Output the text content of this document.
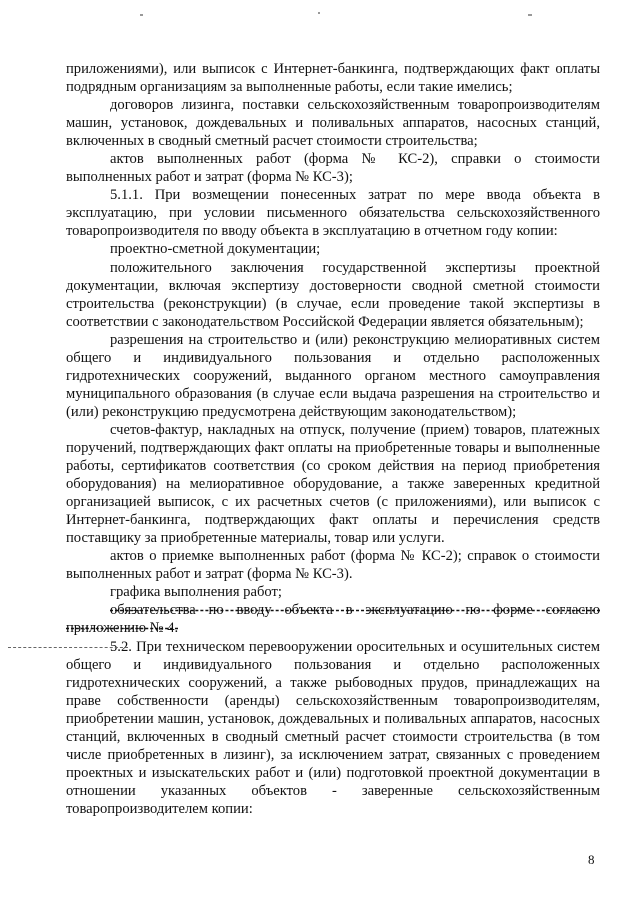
приложениями), или выписок с Интернет-банкинга, подтверждающих факт оплаты подрядным организациям за выполненные работы, если такие имелись;

договоров лизинга, поставки сельскохозяйственным товаропроизводителям машин, установок, дождевальных и поливальных аппаратов, насосных станций, включенных в сводный сметный расчет стоимости строительства;

актов выполненных работ (форма № КС-2), справки о стоимости выполненных работ и затрат (форма № КС-3);

5.1.1. При возмещении понесенных затрат по мере ввода объекта в эксплуатацию, при условии письменного обязательства сельскохозяйственного товаропроизводителя по вводу объекта в эксплуатацию в отчетном году копии:

проектно-сметной документации;

положительного заключения государственной экспертизы проектной документации, включая экспертизу достоверности сводной сметной стоимости строительства (реконструкции) (в случае, если проведение такой экспертизы в соответствии с законодательством Российской Федерации является обязательным);

разрешения на строительство и (или) реконструкцию мелиоративных систем общего и индивидуального пользования и отдельно расположенных гидротехнических сооружений, выданного органом местного самоуправления муниципального образования (в случае если выдача разрешения на строительство и (или) реконструкцию предусмотрена действующим законодательством);

счетов-фактур, накладных на отпуск, получение (прием) товаров, платежных поручений, подтверждающих факт оплаты на приобретенные товары и выполненные работы, сертификатов соответствия (со сроком действия на период приобретения оборудования) на мелиоративное оборудование, а также заверенных кредитной организацией выписок, с их расчетных счетов (с приложениями), или выписок с Интернет-банкинга, подтверждающих факт оплаты и перечисления средств поставщику за приобретенные материалы, товар или услуги.

актов о приемке выполненных работ (форма № КС-2); справок о стоимости выполненных работ и затрат (форма № КС-3).

графика выполнения работ;

обязательства по вводу объекта в эксплуатацию по форме согласно приложению № 4.

5.2. При техническом перевооружении оросительных и осушительных систем общего и индивидуального пользования и отдельно расположенных гидротехнических сооружений, а также рыбоводных прудов, принадлежащих на праве собственности (аренды) сельскохозяйственным товаропроизводителям, приобретении машин, установок, дождевальных и поливальных аппаратов, насосных станций, включенных в сводный сметный расчет стоимости строительства (в том числе приобретенных в лизинг), за исключением затрат, связанных с проведением проектных и изыскательских работ и (или) подготовкой проектной документации в отношении указанных объектов - заверенные сельскохозяйственным товаропроизводителем копии:

8
